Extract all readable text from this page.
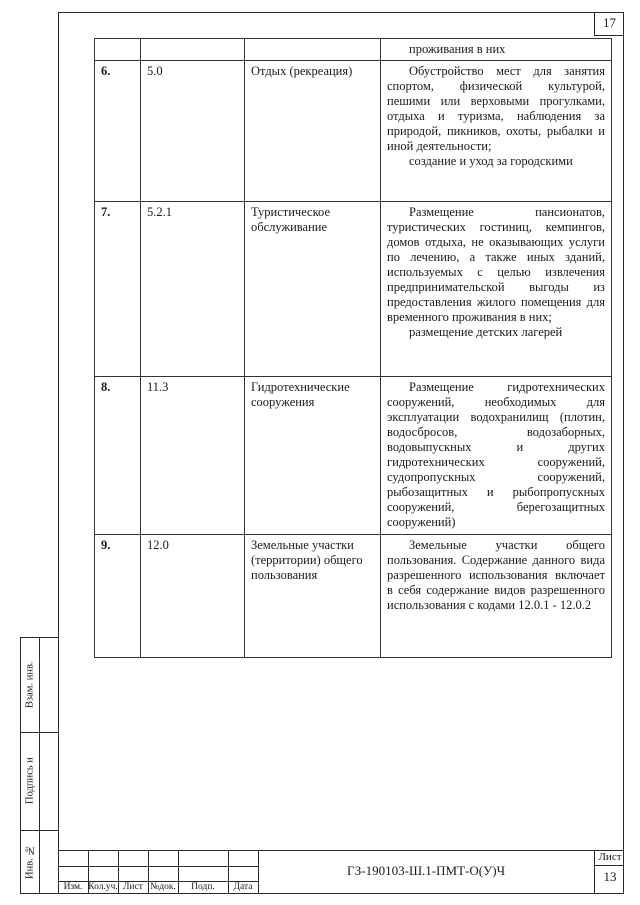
17

			проживания в них

6.	5.0	Отдых (рекреация)	Обустройство мест для занятия спортом, физической культурой, пешими или верховыми прогулками, отдыха и туризма, наблюдения за природой, пикников, охоты, рыбалки и иной деятельности;
создание и уход за городскими

7.	5.2.1	Туристическое обслуживание	Размещение пансионатов, туристических гостиниц, кемпингов, домов отдыха, не оказывающих услуги по лечению, а также иных зданий, используемых с целью извлечения предпринимательской выгоды из предоставления жилого помещения для временного проживания в них;
размещение детских лагерей

8.	11.3	Гидротехнические сооружения	Размещение гидротехнических сооружений, необходимых для эксплуатации водохранилищ (плотин, водосбросов, водозаборных, водовыпускных и других гидротехнических сооружений, судопропускных сооружений, рыбозащитных и рыбопропускных сооружений, берегозащитных сооружений)

9.	12.0	Земельные участки (территории) общего пользования	Земельные участки общего пользования. Содержание данного вида разрешенного использования включает в себя содержание видов разрешенного использования с кодами 12.0.1 - 12.0.2
Взам. инв.
Подпись и
Инв. №
Изм. Кол.уч. Лист №док.	Подп.	Дата
ГЗ-190103-Ш.1-ПМТ-О(У)Ч
Лист
13
